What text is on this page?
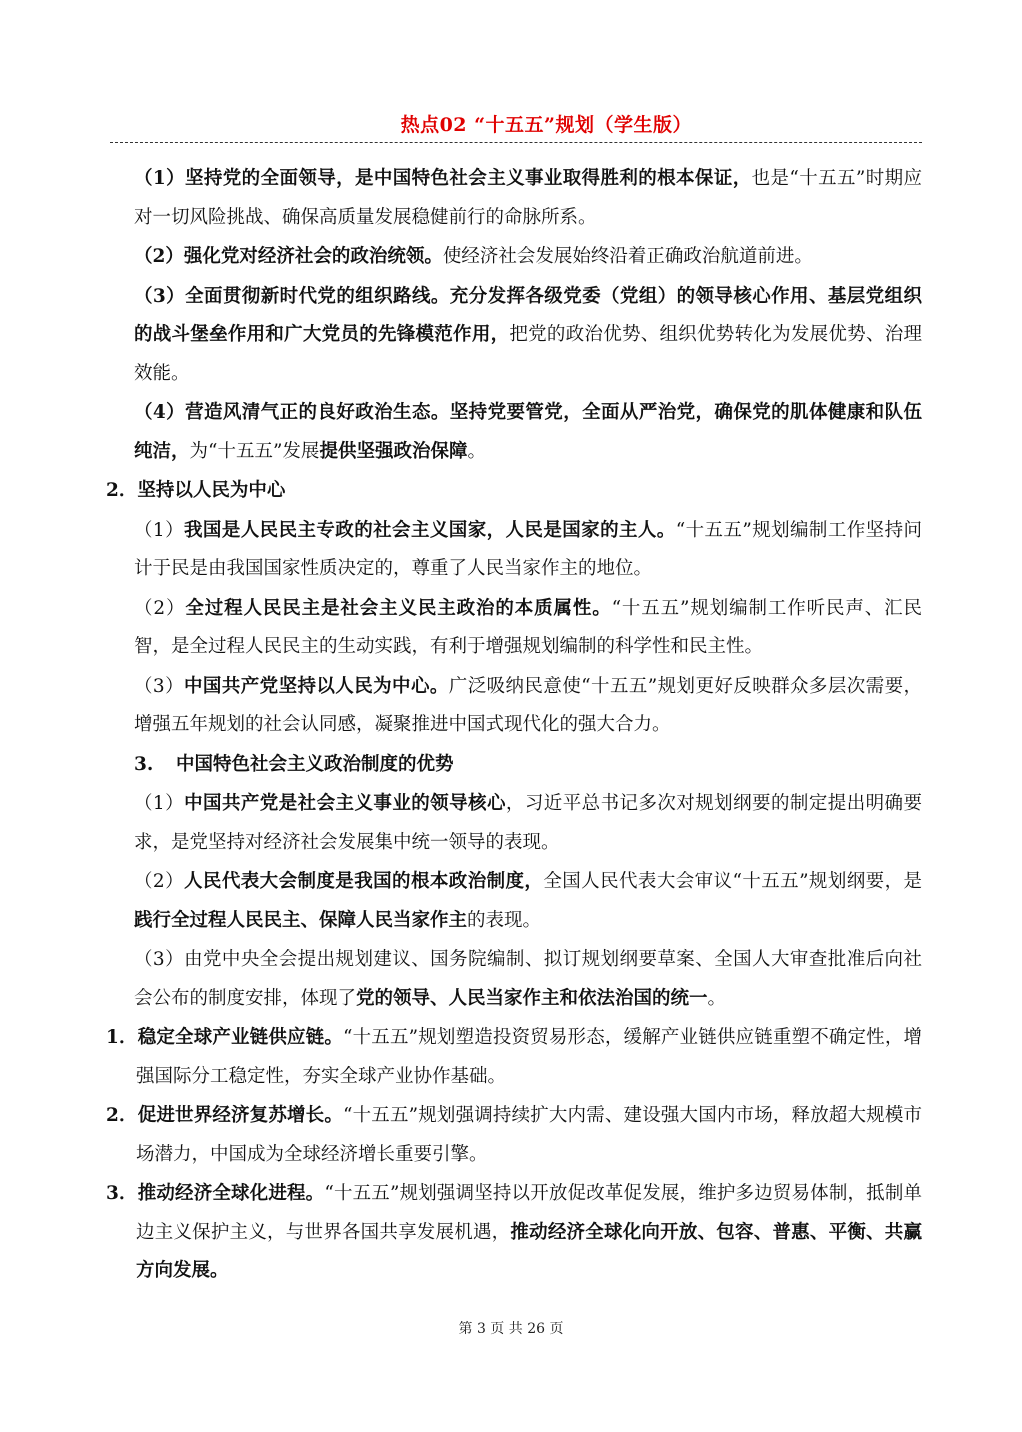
热点02 “十五五”规划（学生版）

（1）坚持党的全面领导，是中国特色社会主义事业取得胜利的根本保证，也是“十五五”时期应对一切风险挑战、确保高质量发展稳健前行的命脉所系。

（2）强化党对经济社会的政治统领。使经济社会发展始终沿着正确政治航道前进。

（3）全面贯彻新时代党的组织路线。充分发挥各级党委（党组）的领导核心作用、基层党组织的战斗堡垒作用和广大党员的先锋模范作用，把党的政治优势、组织优势转化为发展优势、治理效能。

（4）营造风清气正的良好政治生态。坚持党要管党，全面从严治党，确保党的肌体健康和队伍纯洁，为“十五五”发展提供坚强政治保障。

2．坚持以人民为中心

（1）我国是人民民主专政的社会主义国家，人民是国家的主人。“十五五”规划编制工作坚持问计于民是由我国国家性质决定的，尊重了人民当家作主的地位。

（2）全过程人民民主是社会主义民主政治的本质属性。“十五五”规划编制工作听民声、汇民智，是全过程人民民主的生动实践，有利于增强规划编制的科学性和民主性。

（3）中国共产党坚持以人民为中心。广泛吸纳民意使“十五五”规划更好反映群众多层次需要，增强五年规划的社会认同感，凝聚推进中国式现代化的强大合力。

3. 中国特色社会主义政治制度的优势

（1）中国共产党是社会主义事业的领导核心，习近平总书记多次对规划纲要的制定提出明确要求，是党坚持对经济社会发展集中统一领导的表现。

（2）人民代表大会制度是我国的根本政治制度，全国人民代表大会审议“十五五”规划纲要，是践行全过程人民民主、保障人民当家作主的表现。

（3）由党中央全会提出规划建议、国务院编制、拟订规划纲要草案、全国人大审查批准后向社会公布的制度安排，体现了党的领导、人民当家作主和依法治国的统一。

1．稳定全球产业链供应链。“十五五”规划塑造投资贸易形态，缓解产业链供应链重塑不确定性，增强国际分工稳定性，夯实全球产业协作基础。

2．促进世界经济复苏增长。“十五五”规划强调持续扩大内需、建设强大国内市场，释放超大规模市场潜力，中国成为全球经济增长重要引擎。

3．推动经济全球化进程。“十五五”规划强调坚持以开放促改革促发展，维护多边贸易体制，抵制单边主义保护主义，与世界各国共享发展机遇，推动经济全球化向开放、包容、普惠、平衡、共赢方向发展。

第 3 页 共 26 页
